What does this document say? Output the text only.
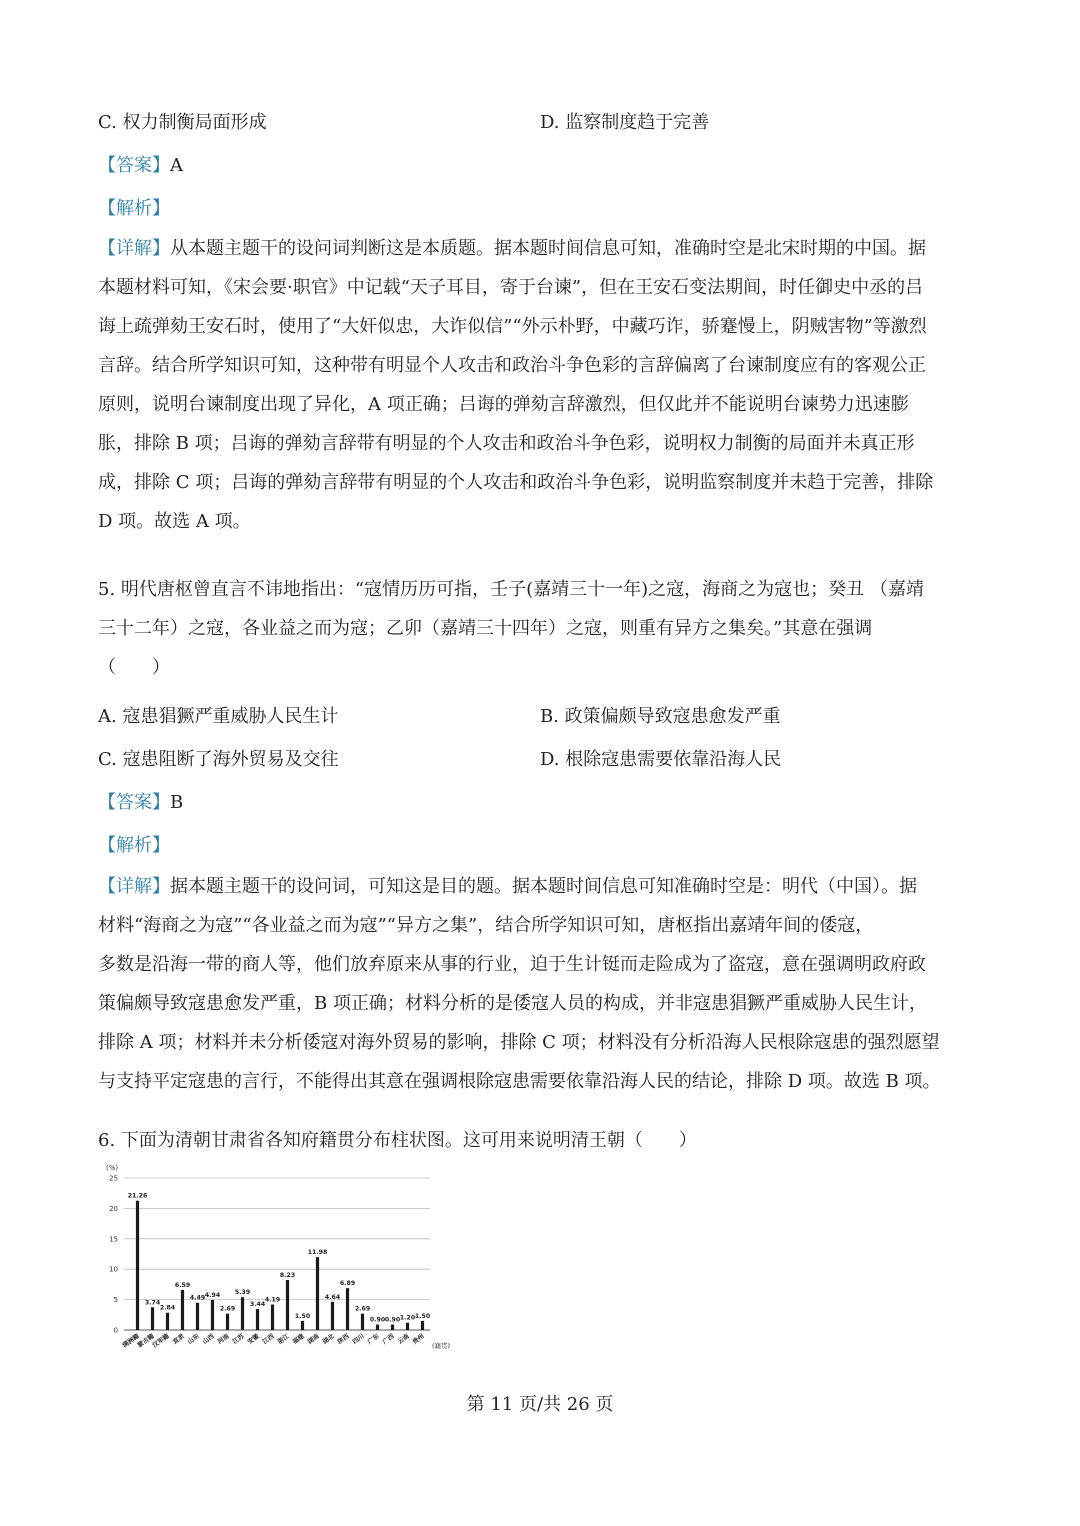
C. 权力制衡局面形成	D. 监察制度趋于完善
【答案】A
【解析】
【详解】从本题主题干的设问词判断这是本质题。据本题时间信息可知，准确时空是北宋时期的中国。据
本题材料可知，《宋会要·职官》中记载“天子耳目，寄于台谏”，但在王安石变法期间，时任御史中丞的吕
诲上疏弹劾王安石时，使用了“大奸似忠，大诈似信”“外示朴野，中藏巧诈，骄蹇慢上，阴贼害物”等激烈
言辞。结合所学知识可知，这种带有明显个人攻击和政治斗争色彩的言辞偏离了台谏制度应有的客观公正
原则，说明台谏制度出现了异化，A 项正确；吕诲的弹劾言辞激烈，但仅此并不能说明台谏势力迅速膨
胀，排除 B 项；吕诲的弹劾言辞带有明显的个人攻击和政治斗争色彩，说明权力制衡的局面并未真正形
成，排除 C 项；吕诲的弹劾言辞带有明显的个人攻击和政治斗争色彩，说明监察制度并未趋于完善，排除
D 项。故选 A 项。
5. 明代唐枢曾直言不讳地指出：“寇情历历可指，壬子(嘉靖三十一年)之寇，海商之为寇也；癸丑 （嘉靖
三十二年）之寇，各业益之而为寇；乙卯（嘉靖三十四年）之寇，则重有异方之集矣。”其意在强调
（　　）
A. 寇患猖獗严重威胁人民生计	B. 政策偏颇导致寇患愈发严重
C. 寇患阻断了海外贸易及交往	D. 根除寇患需要依靠沿海人民
【答案】B
【解析】
【详解】据本题主题干的设问词，可知这是目的题。据本题时间信息可知准确时空是：明代（中国）。据
材料“海商之为寇”“各业益之而为寇”“异方之集”，结合所学知识可知，唐枢指出嘉靖年间的倭寇，
多数是沿海一带的商人等，他们放弃原来从事的行业，迫于生计铤而走险成为了盗寇，意在强调明政府政
策偏颇导致寇患愈发严重，B 项正确；材料分析的是倭寇人员的构成，并非寇患猖獗严重威胁人民生计，
排除 A 项；材料并未分析倭寇对海外贸易的影响，排除 C 项；材料没有分析沿海人民根除寇患的强烈愿望
与支持平定寇患的言行，不能得出其意在强调根除寇患需要依靠沿海人民的结论，排除 D 项。故选 B 项。
6. 下面为清朝甘肃省各知府籍贯分布柱状图。这可用来说明清王朝（　　）
(%)
0
5
10
15
20
25
21.26
满洲籍
3.74
蒙古籍
2.84
汉军籍
6.59
直隶
4.49
山东
4.94
山西
2.69
河南
5.39
江苏
3.44
安徽
4.19
江西
8.23
浙江
1.50
福建
11.98
湖南
4.64
湖北
6.89
陕西
2.69
四川
0.90
广东
0.90
广西
1.20
云南
1.50
贵州
(籍贯)
第 11 页/共 26 页
